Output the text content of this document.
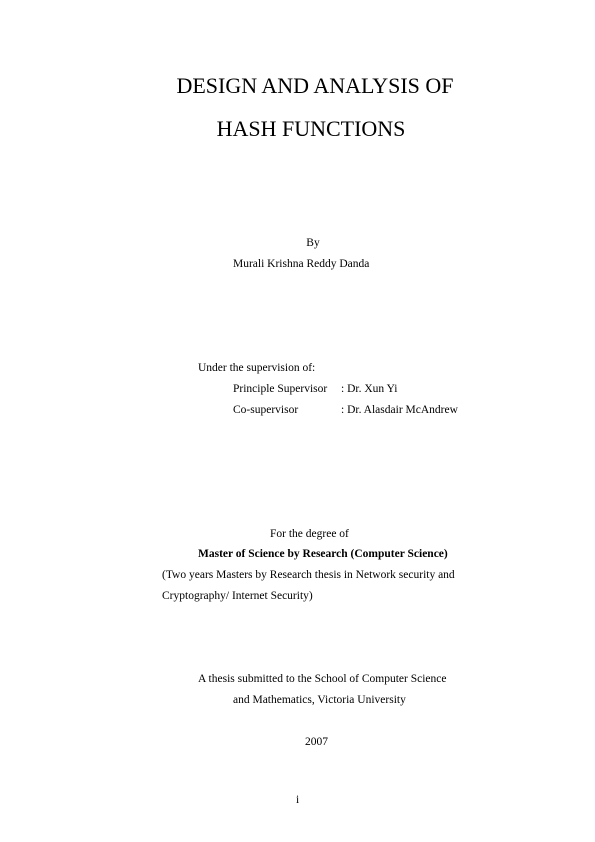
DESIGN AND ANALYSIS OF
HASH FUNCTIONS
By
Murali Krishna Reddy Danda
Under the supervision of:
Principle Supervisor : Dr. Xun Yi
Co-supervisor	: Dr. Alasdair McAndrew
For the degree of
Master of Science by Research (Computer Science)
(Two years Masters by Research thesis in Network security and
Cryptography/ Internet Security)
A thesis submitted to the School of Computer Science
and Mathematics, Victoria University
2007
i
